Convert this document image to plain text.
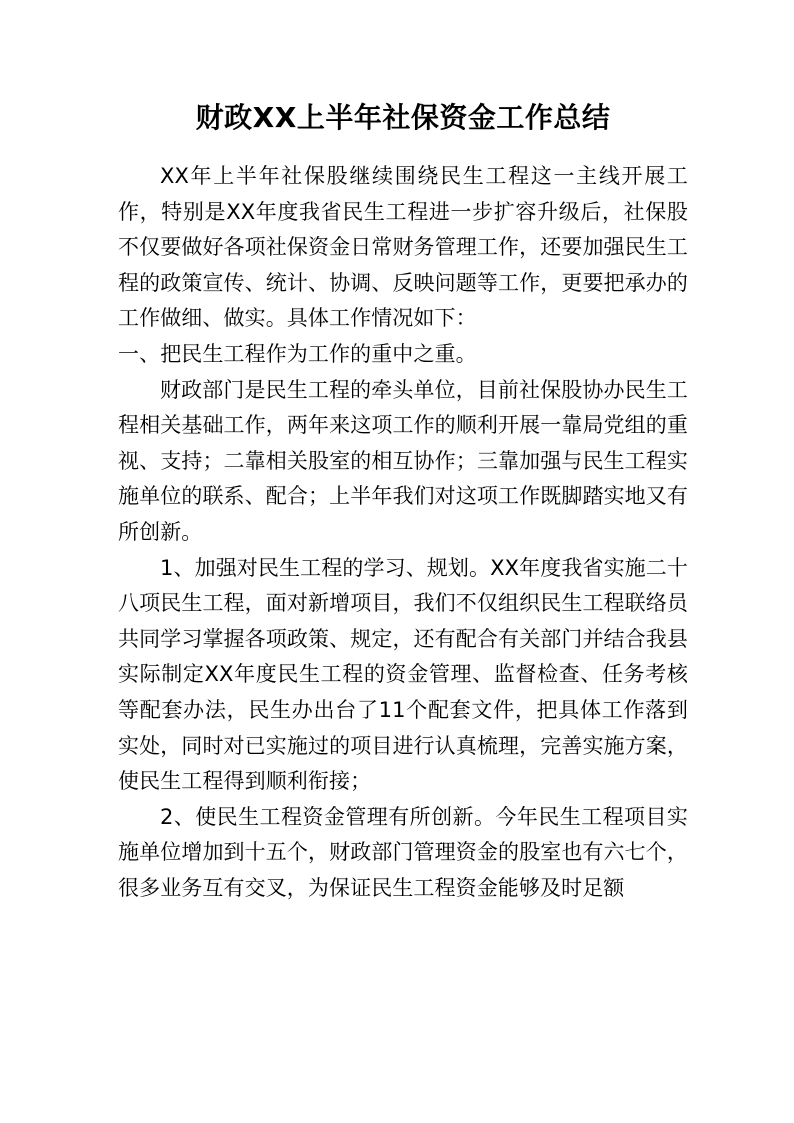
财政XX上半年社保资金工作总结

XX年上半年社保股继续围绕民生工程这一主线开展工作，特别是XX年度我省民生工程进一步扩容升级后，社保股不仅要做好各项社保资金日常财务管理工作，还要加强民生工程的政策宣传、统计、协调、反映问题等工作，更要把承办的工作做细、做实。具体工作情况如下：

一、把民生工程作为工作的重中之重。

财政部门是民生工程的牵头单位，目前社保股协办民生工程相关基础工作，两年来这项工作的顺利开展一靠局党组的重视、支持；二靠相关股室的相互协作；三靠加强与民生工程实施单位的联系、配合；上半年我们对这项工作既脚踏实地又有所创新。

1、加强对民生工程的学习、规划。XX年度我省实施二十八项民生工程，面对新增项目，我们不仅组织民生工程联络员共同学习掌握各项政策、规定，还有配合有关部门并结合我县实际制定XX年度民生工程的资金管理、监督检查、任务考核等配套办法，民生办出台了11个配套文件，把具体工作落到实处，同时对已实施过的项目进行认真梳理，完善实施方案，使民生工程得到顺利衔接；

2、使民生工程资金管理有所创新。今年民生工程项目实施单位增加到十五个，财政部门管理资金的股室也有六七个，很多业务互有交叉，为保证民生工程资金能够及时足额
